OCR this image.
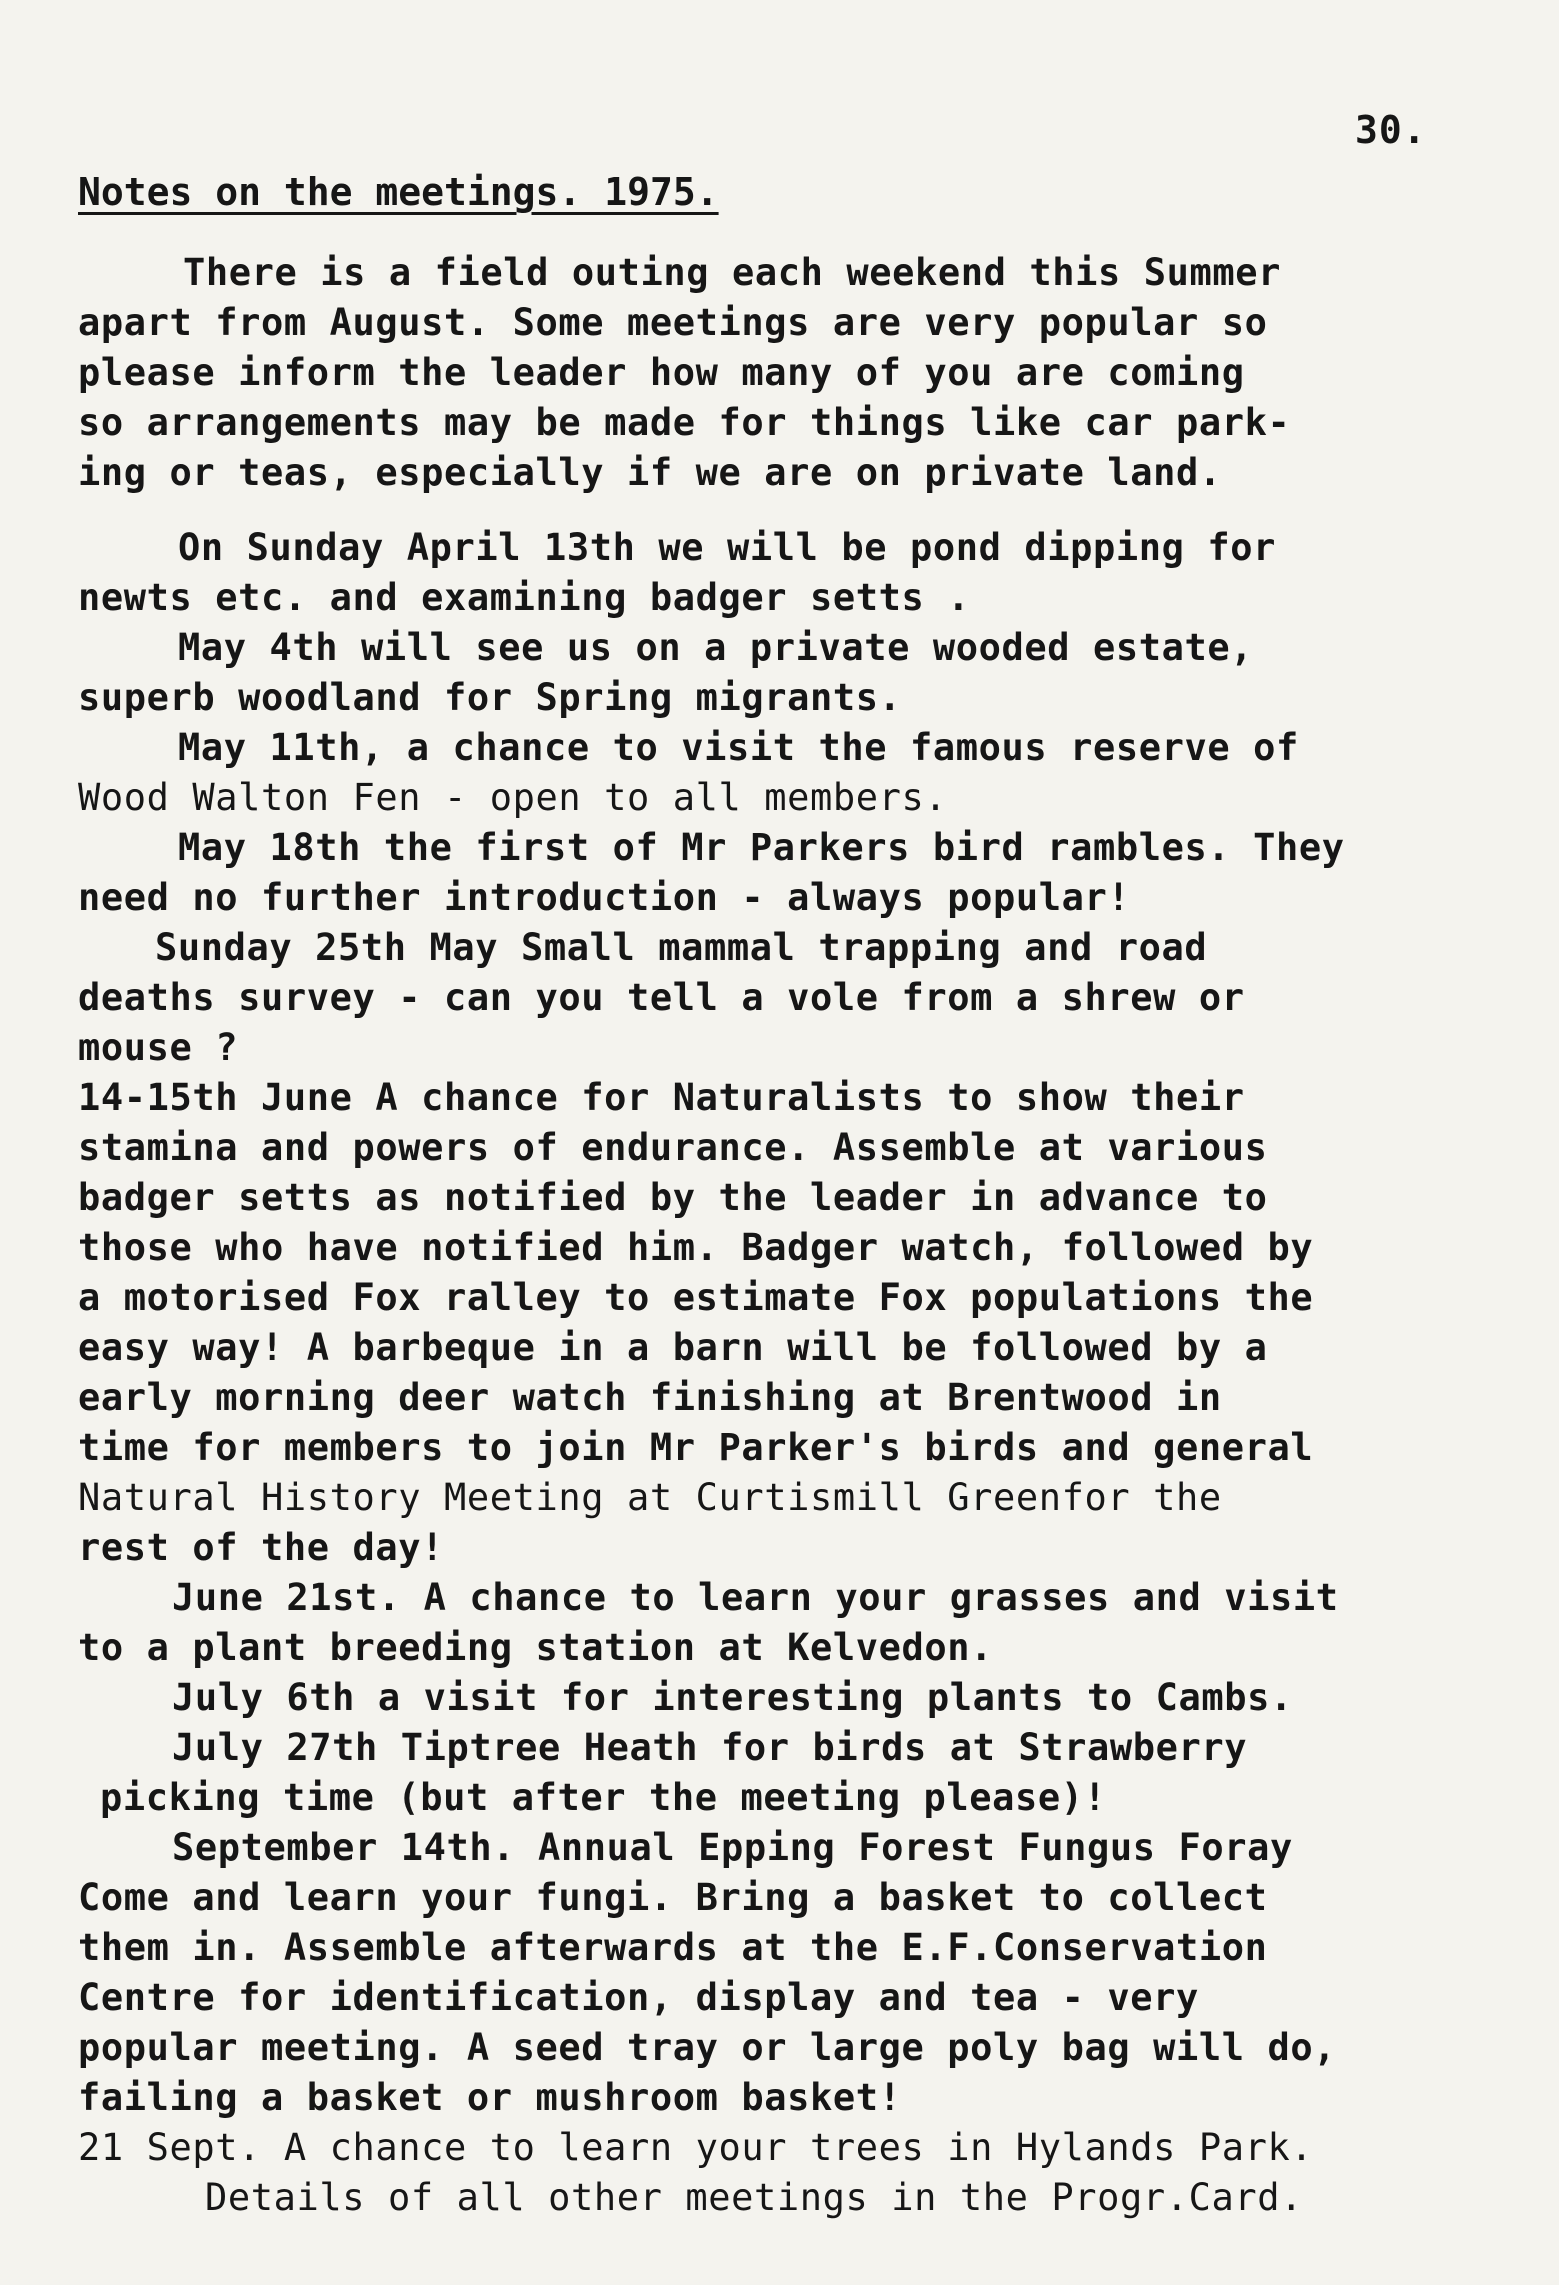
30.
Notes on the meetings. 1975.
There is a field outing each weekend this Summer
apart from August. Some meetings are very popular so
please inform the leader how many of you are coming
so arrangements may be made for things like car park-
ing or teas, especially if we are on private land.
On Sunday April 13th we will be pond dipping for
newts etc. and examining badger setts .
May 4th will see us on a private wooded estate,
superb woodland for Spring migrants.
May 11th, a chance to visit the famous reserve of
Wood Walton Fen - open to all members.
May 18th the first of Mr Parkers bird rambles. They
need no further introduction - always popular!
Sunday 25th May Small mammal trapping and road
deaths survey - can you tell a vole from a shrew or
mouse ?
14-15th June A chance for Naturalists to show their
stamina and powers of endurance. Assemble at various
badger setts as notified by the leader in advance to
those who have notified him. Badger watch, followed by
a motorised Fox ralley to estimate Fox populations the
easy way! A barbeque in a barn will be followed by a
early morning deer watch finishing at Brentwood in
time for members to join Mr Parker's birds and general
Natural History Meeting at Curtismill Greenfor the
rest of the day!
June 21st. A chance to learn your grasses and visit
to a plant breeding station at Kelvedon.
July 6th a visit for interesting plants to Cambs.
July 27th Tiptree Heath for birds at Strawberry
picking time (but after the meeting please)!
September 14th. Annual Epping Forest Fungus Foray
Come and learn your fungi. Bring a basket to collect
them in. Assemble afterwards at the E.F.Conservation
Centre for identification, display and tea - very
popular meeting. A seed tray or large poly bag will do,
failing a basket or mushroom basket!
21 Sept. A chance to learn your trees in Hylands Park.
Details of all other meetings in the Progr.Card.
